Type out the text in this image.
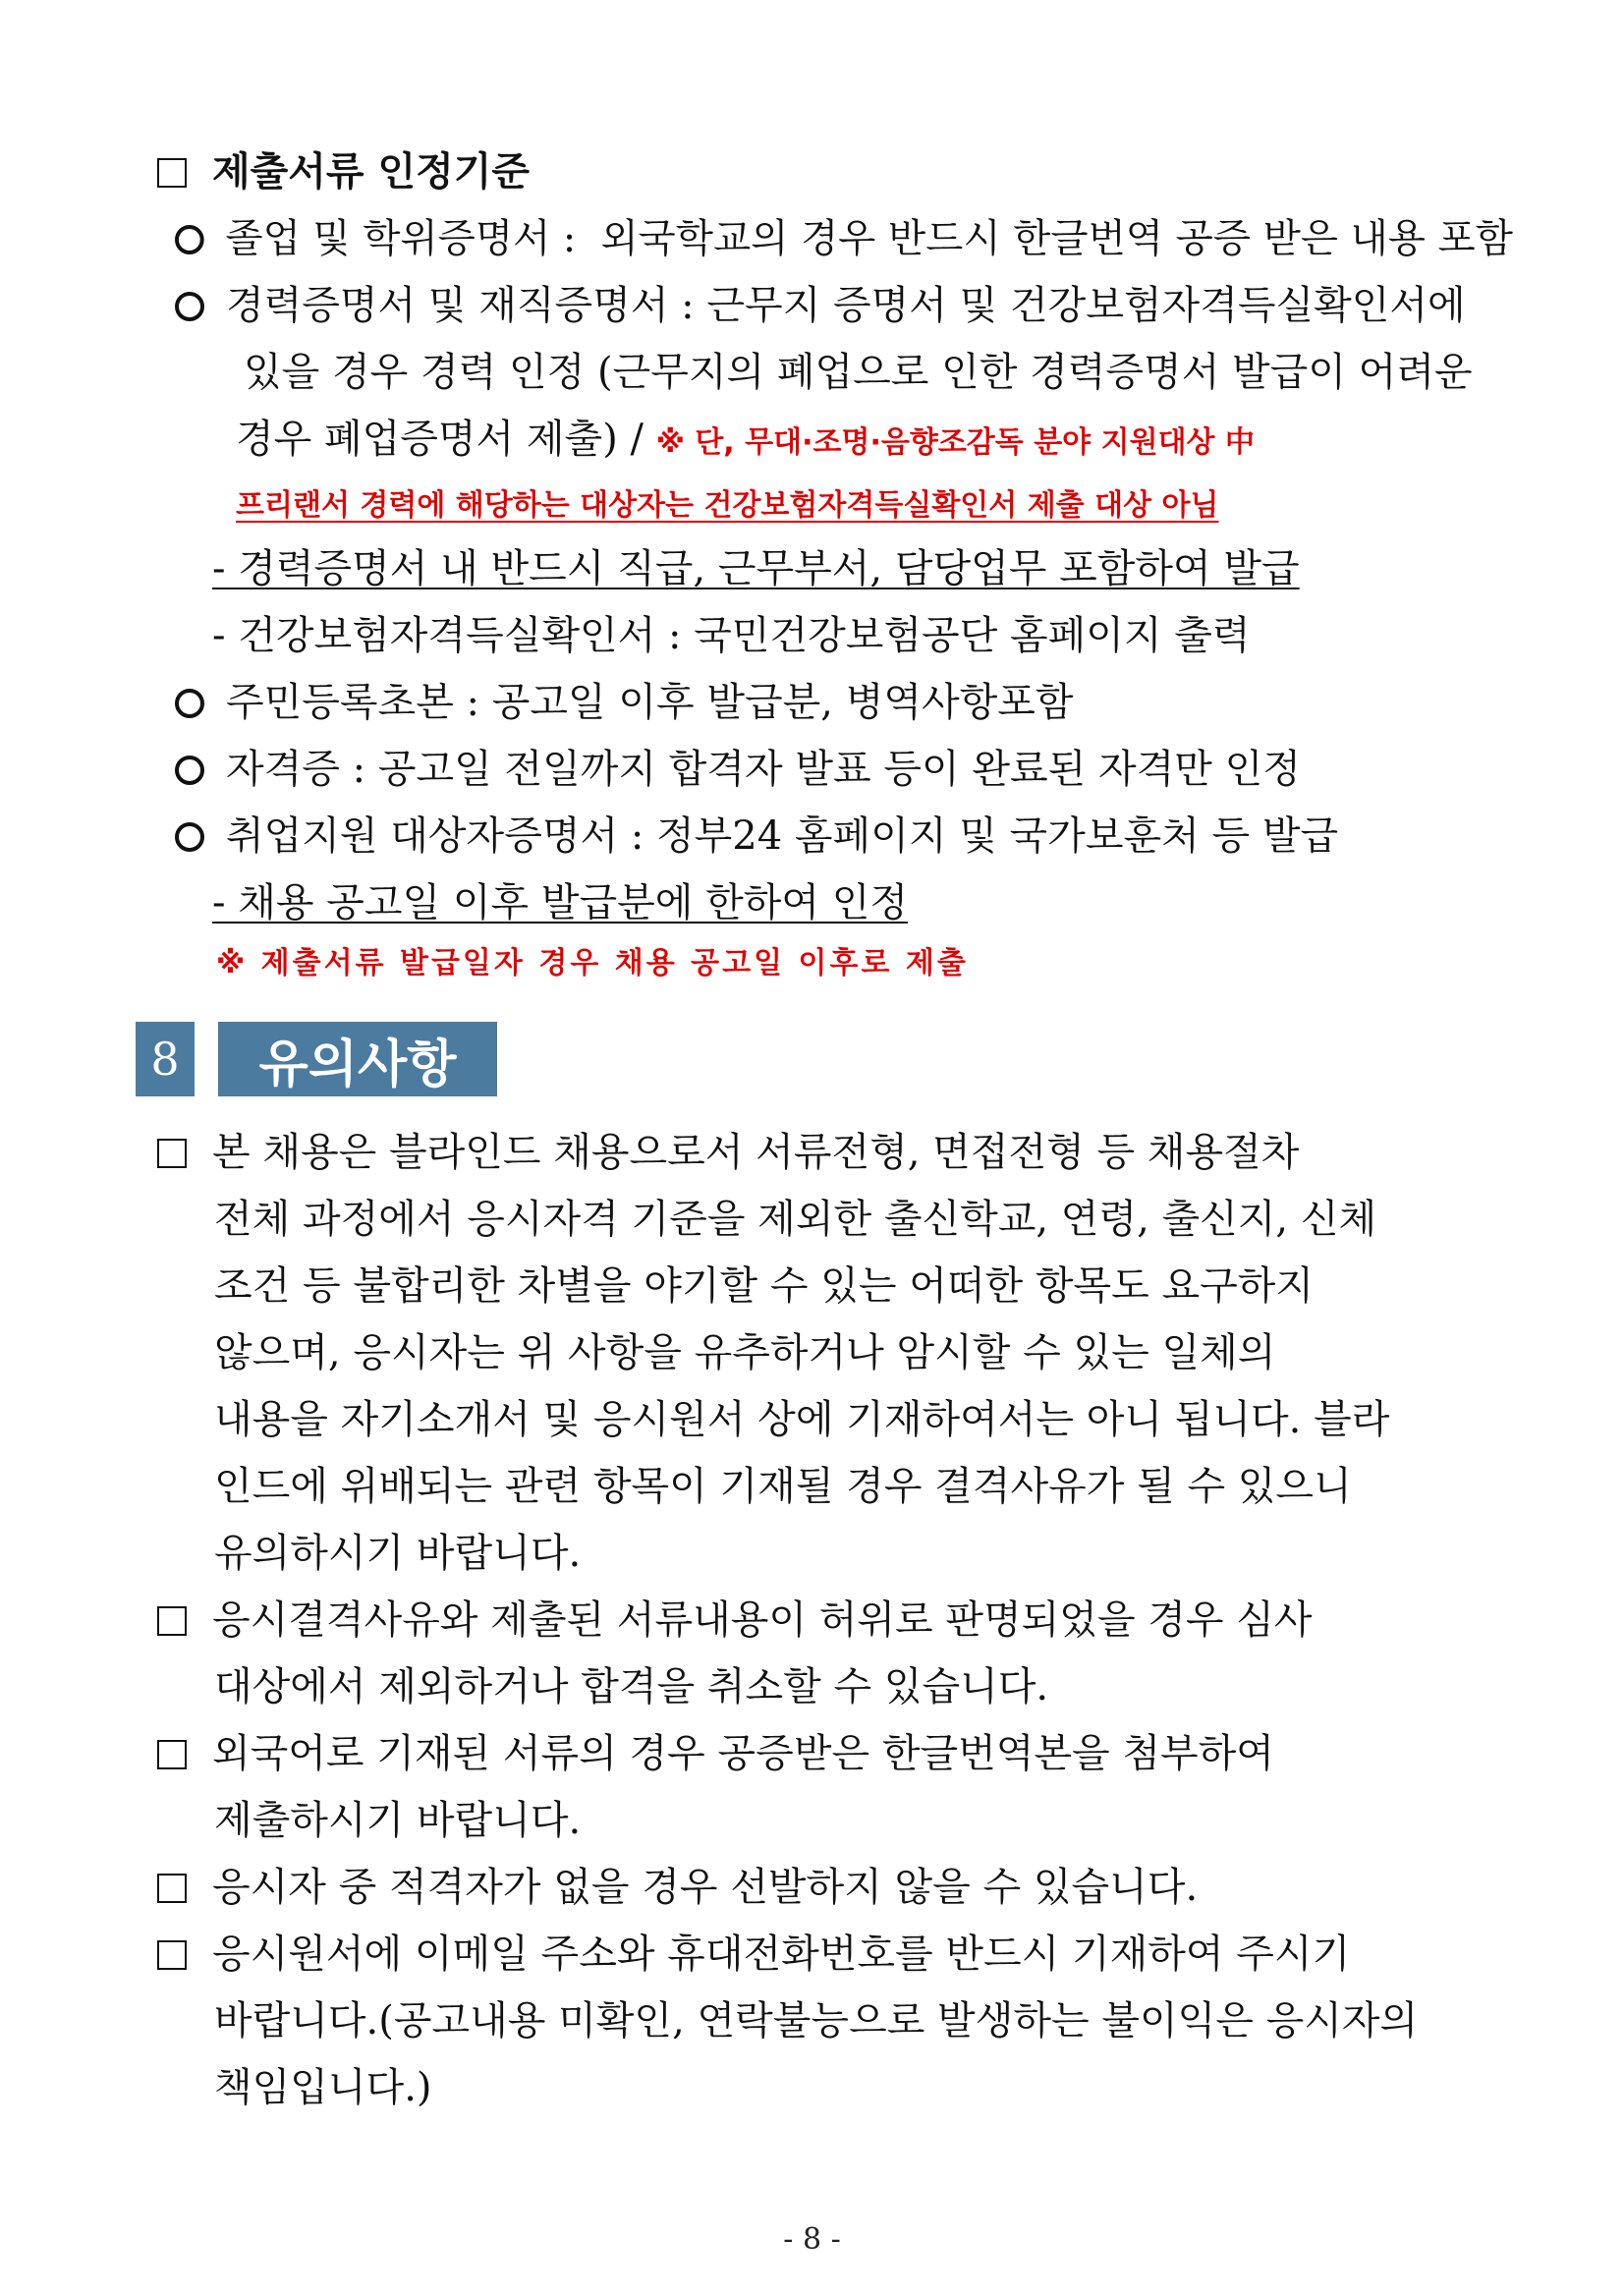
제출서류 인정기준
졸업 및 학위증명서 : 외국학교의 경우 반드시 한글번역 공증 받은 내용 포함
경력증명서 및 재직증명서 : 근무지 증명서 및 건강보험자격득실확인서에
있을 경우 경력 인정 (근무지의 폐업으로 인한 경력증명서 발급이 어려운
경우 폐업증명서 제출) / ※ 단, 무대·조명·음향조감독 분야 지원대상 中
프리랜서 경력에 해당하는 대상자는 건강보험자격득실확인서 제출 대상 아님
- 경력증명서 내 반드시 직급, 근무부서, 담당업무 포함하여 발급
- 건강보험자격득실확인서 : 국민건강보험공단 홈페이지 출력
주민등록초본 : 공고일 이후 발급분, 병역사항포함
자격증 : 공고일 전일까지 합격자 발표 등이 완료된 자격만 인정
취업지원 대상자증명서 : 정부24 홈페이지 및 국가보훈처 등 발급
- 채용 공고일 이후 발급분에 한하여 인정
※ 제출서류 발급일자 경우 채용 공고일 이후로 제출
8	유의사항
본 채용은 블라인드 채용으로서 서류전형, 면접전형 등 채용절차
전체 과정에서 응시자격 기준을 제외한 출신학교, 연령, 출신지, 신체
조건 등 불합리한 차별을 야기할 수 있는 어떠한 항목도 요구하지
않으며, 응시자는 위 사항을 유추하거나 암시할 수 있는 일체의
내용을 자기소개서 및 응시원서 상에 기재하여서는 아니 됩니다. 블라
인드에 위배되는 관련 항목이 기재될 경우 결격사유가 될 수 있으니
유의하시기 바랍니다.
응시결격사유와 제출된 서류내용이 허위로 판명되었을 경우 심사
대상에서 제외하거나 합격을 취소할 수 있습니다.
외국어로 기재된 서류의 경우 공증받은 한글번역본을 첨부하여
제출하시기 바랍니다.
응시자 중 적격자가 없을 경우 선발하지 않을 수 있습니다.
응시원서에 이메일 주소와 휴대전화번호를 반드시 기재하여 주시기
바랍니다.(공고내용 미확인, 연락불능으로 발생하는 불이익은 응시자의
책임입니다.)
- 8 -
